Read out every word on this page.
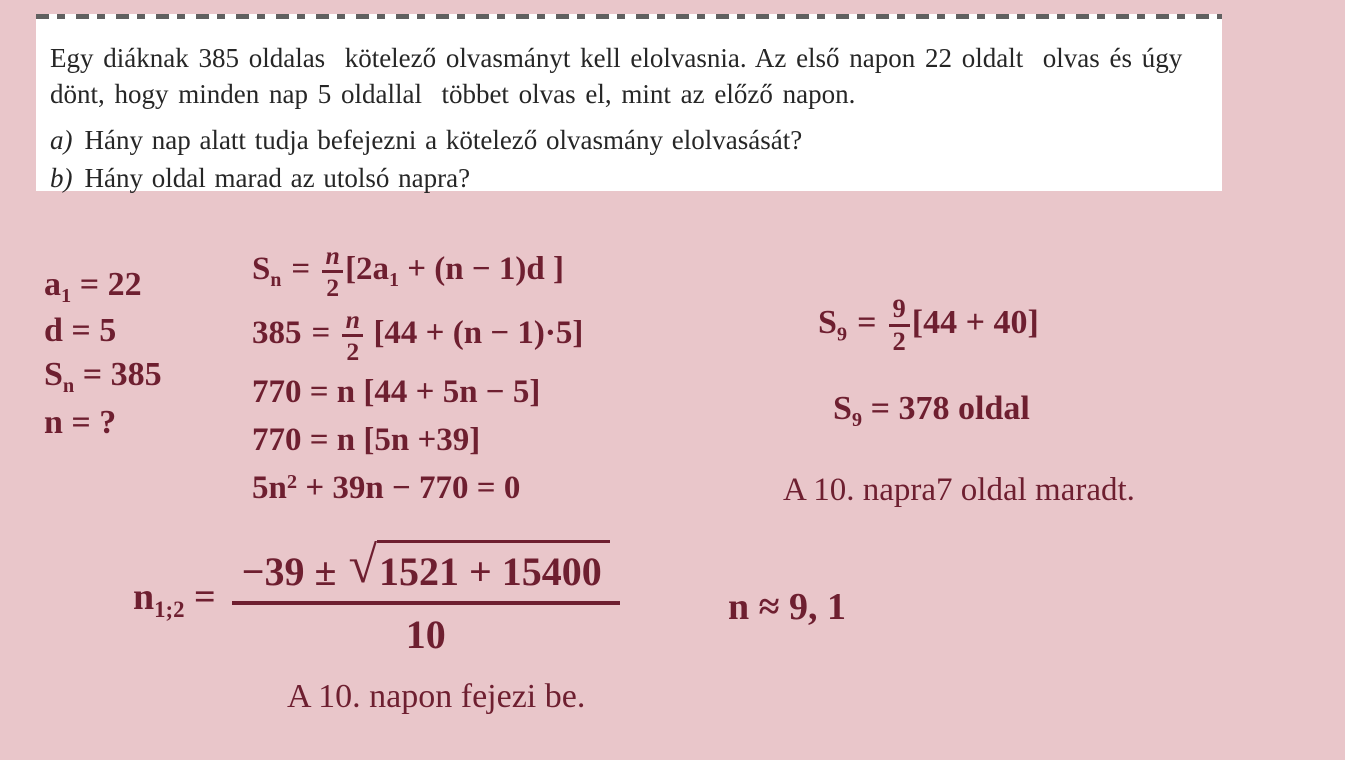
Egy diáknak 385 oldalas  kötelező olvasmányt kell elolvasnia. Az első napon 22 oldalt  olvas és úgy
dönt, hogy minden nap 5 oldallal  többet olvas el, mint az előző napon.
a) Hány nap alatt tudja befejezni a kötelező olvasmány elolvasását?
b) Hány oldal marad az utolsó napra?
$a_1 = 22$
d = 5
$S_n = 385$
n = ?
$S_n = \frac{n}{2} [2a_1 + (n - 1)d$ ]
$385 = \frac{n}{2} [44 + (n - 1)\cdot 5]$
770 = n [44 + 5n − 5]
770 = n [5n +39]
$5n^2 + 39n - 770 = 0$
$S_9 = \frac{9}{2} [44 + 40]$
$S_9 = 378$ oldal
A 10. napra7 oldal maradt.
$n_{1;2} = \frac{-39 \pm √ 1521 + 15400}{10}$	n ≈ 9, 1
A 10. napon fejezi be.
